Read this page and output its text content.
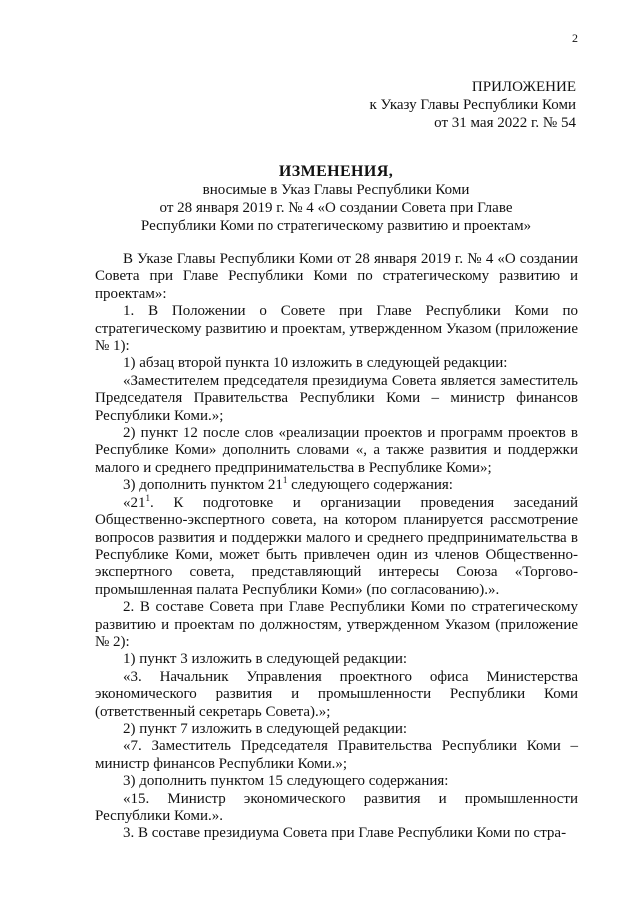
2
ПРИЛОЖЕНИЕ
к Указу Главы Республики Коми
от 31 мая 2022 г. № 54
ИЗМЕНЕНИЯ,
вносимые в Указ Главы Республики Коми
от 28 января 2019 г. № 4 «О создании Совета при Главе
Республики Коми по стратегическому развитию и проектам»

В Указе Главы Республики Коми от 28 января 2019 г. № 4 «О создании Совета при Главе Республики Коми по стратегическому развитию и проектам»:

1. В Положении о Совете при Главе Республики Коми по стратегическому развитию и проектам, утвержденном Указом (приложение № 1):

1) абзац второй пункта 10 изложить в следующей редакции:

«Заместителем председателя президиума Совета является заместитель Председателя Правительства Республики Коми – министр финансов Республики Коми.»;

2) пункт 12 после слов «реализации проектов и программ проектов в Республике Коми» дополнить словами «, а также развития и поддержки малого и среднего предпринимательства в Республике Коми»;

3) дополнить пунктом $21^1$ следующего содержания:

«$21^1$. К подготовке и организации проведения заседаний Общественно-экспертного совета, на котором планируется рассмотрение вопросов развития и поддержки малого и среднего предпринимательства в Республике Коми, может быть привлечен один из членов Общественно-экспертного совета, представляющий интересы Союза «Торгово-промышленная палата Республики Коми» (по согласованию).».

2. В составе Совета при Главе Республики Коми по стратегическому развитию и проектам по должностям, утвержденном Указом (приложение № 2):

1) пункт 3 изложить в следующей редакции:

«3. Начальник Управления проектного офиса Министерства экономического развития и промышленности Республики Коми (ответственный секретарь Совета).»;

2) пункт 7 изложить в следующей редакции:

«7. Заместитель Председателя Правительства Республики Коми – министр финансов Республики Коми.»;

3) дополнить пунктом 15 следующего содержания:

«15. Министр экономического развития и промышленности Республики Коми.».

3. В составе президиума Совета при Главе Республики Коми по стра-
